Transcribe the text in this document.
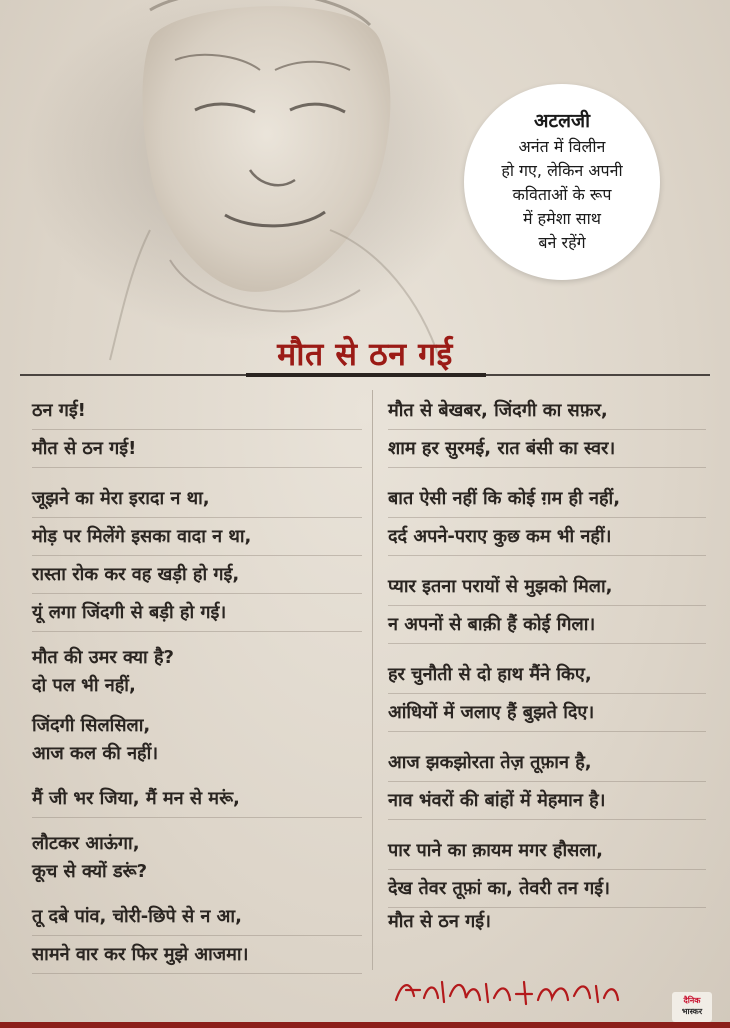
अटलजी
अनंत में विलीन
हो गए, लेकिन अपनी
कविताओं के रूप
में हमेशा साथ
बने रहेंगे
मौत से ठन गई
ठन गई!
मौत से ठन गई!
जूझने का मेरा इरादा न था,
मोड़ पर मिलेंगे इसका वादा न था,
रास्ता रोक कर वह खड़ी हो गई,
यूं लगा जिंदगी से बड़ी हो गई।
मौत की उमर क्या है?
दो पल भी नहीं,
जिंदगी सिलसिला,
आज कल की नहीं।
मैं जी भर जिया, मैं मन से मरूं,
लौटकर आऊंगा,
कूच से क्यों डरूं?
तू दबे पांव, चोरी-छिपे से न आ,
सामने वार कर फिर मुझे आजमा।
मौत से बेखबर, जिंदगी का सफ़र,
शाम हर सुरमई, रात बंसी का स्वर।
बात ऐसी नहीं कि कोई ग़म ही नहीं,
दर्द अपने-पराए कुछ कम भी नहीं।
प्यार इतना परायों से मुझको मिला,
न अपनों से बाक़ी हैं कोई गिला।
हर चुनौती से दो हाथ मैंने किए,
आंधियों में जलाए हैं बुझते दिए।
आज झकझोरता तेज़ तूफ़ान है,
नाव भंवरों की बांहों में मेहमान है।
पार पाने का क़ायम मगर हौसला,
देख तेवर तूफ़ां का, तेवरी तन गई।
मौत से ठन गई।
दैनिक
भास्कर
